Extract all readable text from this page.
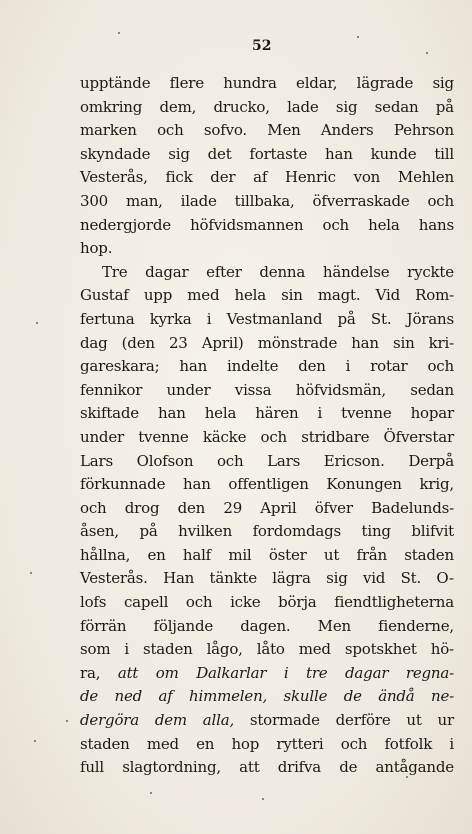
52
upptände flere hundra eldar, lägrade sig
omkring dem, drucko, lade sig sedan på
marken och sofvo. Men Anders Pehrson
skyndade sig det fortaste han kunde till
Vesterås, fick der af Henric von Mehlen
300 man, ilade tillbaka, öfverraskade och
nedergjorde höfvidsmannen och hela hans
hop.
Tre dagar efter denna händelse ryckte
Gustaf upp med hela sin magt. Vid Rom-
fertuna kyrka i Vestmanland på St. Jörans
dag (den 23 April) mönstrade han sin kri-
gareskara; han indelte den i rotar och
fennikor under vissa höfvidsmän, sedan
skiftade han hela hären i tvenne hopar
under tvenne käcke och stridbare Öfverstar
Lars Olofson och Lars Ericson. Derpå
förkunnade han offentligen Konungen krig,
och drog den 29 April öfver Badelunds-
åsen, på hvilken fordomdags ting blifvit
hållna, en half mil öster ut från staden
Vesterås. Han tänkte lägra sig vid St. O-
lofs capell och icke börja fiendtligheterna
förrän följande dagen. Men fienderne,
som i staden lågo, låto med spotskhet hö-
ra, att om Dalkarlar i tre dagar regna-
de ned af himmelen, skulle de ändå ne-
dergöra dem alla, stormade derföre ut ur
staden med en hop rytteri och fotfolk i
full slagtordning, att drifva de antågande
